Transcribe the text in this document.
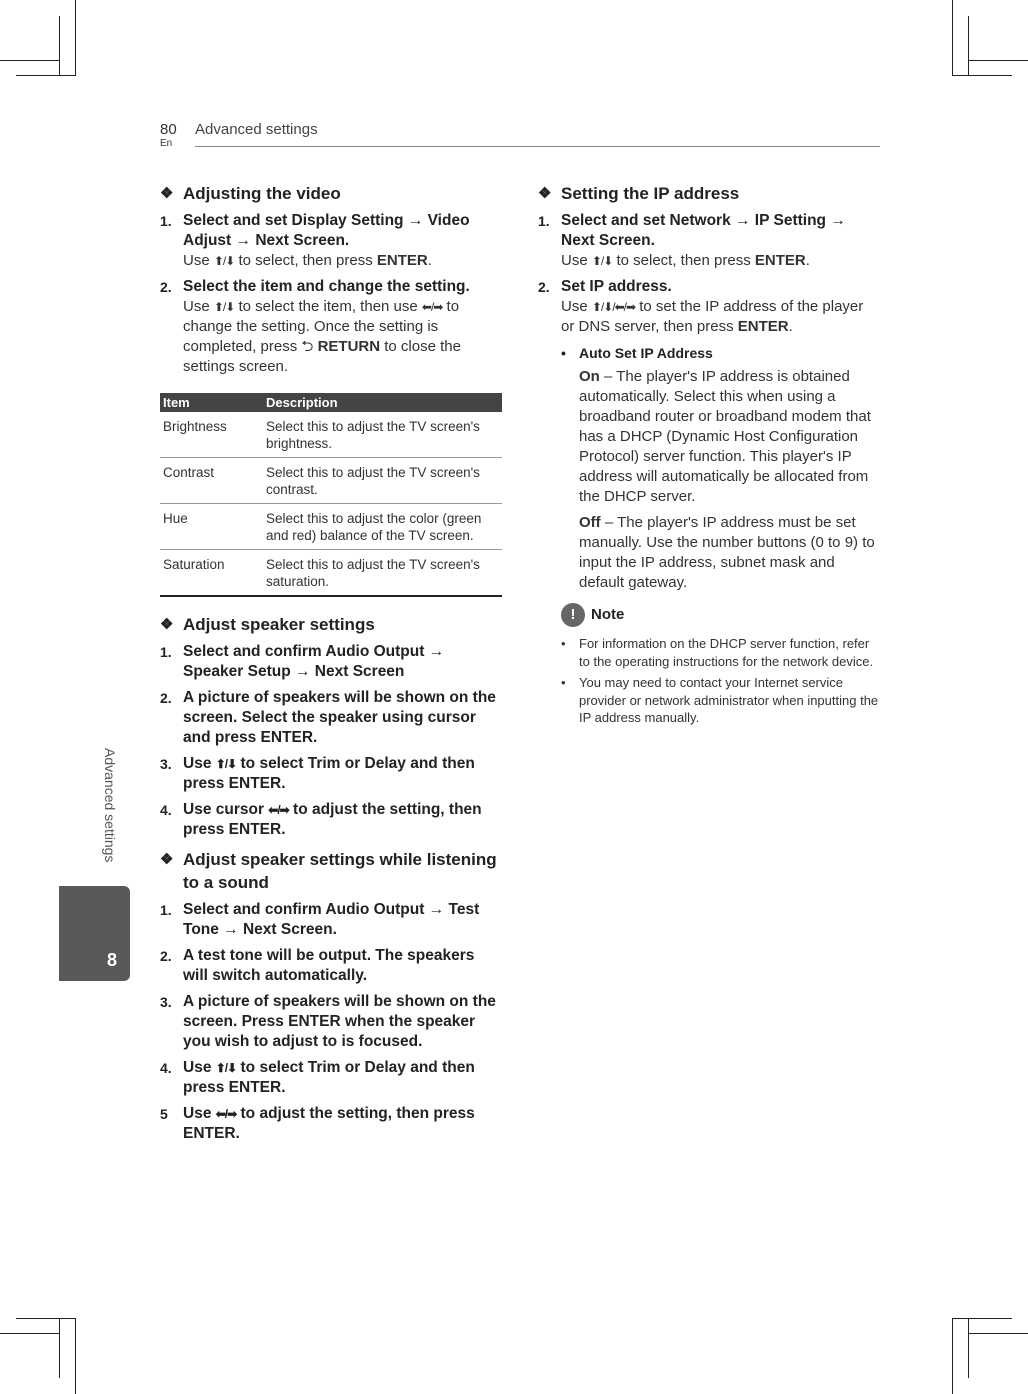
80
En
Advanced settings
Advanced settings
8
❖ Adjusting the video
1. Select and set Display Setting → Video Adjust → Next Screen.
Use ⬆/⬇ to select, then press ENTER.
2. Select the item and change the setting.
Use ⬆/⬇ to select the item, then use ⬅/➡ to change the setting. Once the setting is completed, press ⮌ RETURN to close the settings screen.
Item	Description
Brightness	Select this to adjust the TV screen's brightness.
Contrast	Select this to adjust the TV screen's contrast.
Hue	Select this to adjust the color (green and red) balance of the TV screen.
Saturation	Select this to adjust the TV screen's saturation.
❖ Adjust speaker settings
1. Select and confirm Audio Output → Speaker Setup → Next Screen
2. A picture of speakers will be shown on the screen. Select the speaker using cursor and press ENTER.
3. Use ⬆/⬇ to select Trim or Delay and then press ENTER.
4. Use cursor ⬅/➡ to adjust the setting, then press ENTER.
❖ Adjust speaker settings while listening to a sound
1. Select and confirm Audio Output → Test Tone → Next Screen.
2. A test tone will be output. The speakers will switch automatically.
3. A picture of speakers will be shown on the screen. Press ENTER when the speaker you wish to adjust to is focused.
4. Use ⬆/⬇ to select Trim or Delay and then press ENTER.
5 Use ⬅/➡ to adjust the setting, then press ENTER.
❖ Setting the IP address
1. Select and set Network → IP Setting → Next Screen.
Use ⬆/⬇ to select, then press ENTER.
2. Set IP address.
Use ⬆/⬇/⬅/➡ to set the IP address of the player or DNS server, then press ENTER.
• Auto Set IP Address
On – The player's IP address is obtained automatically. Select this when using a broadband router or broadband modem that has a DHCP (Dynamic Host Configuration Protocol) server function. This player's IP address will automatically be allocated from the DHCP server.
Off – The player's IP address must be set manually. Use the number buttons (0 to 9) to input the IP address, subnet mask and default gateway.
!	Note
• For information on the DHCP server function, refer to the operating instructions for the network device.
• You may need to contact your Internet service provider or network administrator when inputting the IP address manually.
